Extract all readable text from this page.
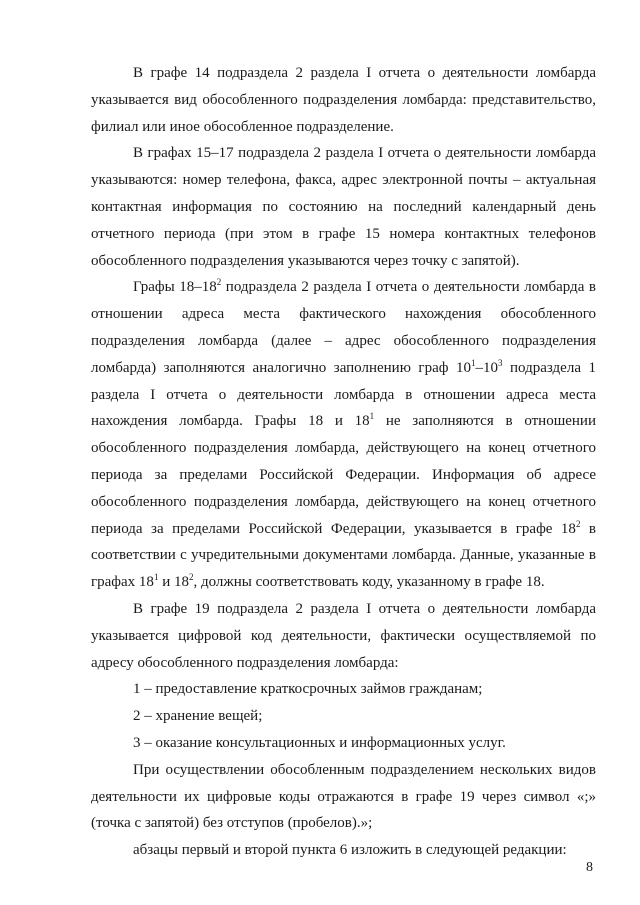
В графе 14 подраздела 2 раздела I отчета о деятельности ломбарда указывается вид обособленного подразделения ломбарда: представительство, филиал или иное обособленное подразделение.

В графах 15–17 подраздела 2 раздела I отчета о деятельности ломбарда указываются: номер телефона, факса, адрес электронной почты – актуальная контактная информация по состоянию на последний календарный день отчетного периода (при этом в графе 15 номера контактных телефонов обособленного подразделения указываются через точку с запятой).

Графы $18-18^2$ подраздела 2 раздела I отчета о деятельности ломбарда в отношении адреса места фактического нахождения обособленного подразделения ломбарда (далее – адрес обособленного подразделения ломбарда) заполняются аналогично заполнению граф $10^1-10^3$ подраздела 1 раздела I отчета о деятельности ломбарда в отношении адреса места нахождения ломбарда. Графы 18 и $18^1$ не заполняются в отношении обособленного подразделения ломбарда, действующего на конец отчетного периода за пределами Российской Федерации. Информация об адресе обособленного подразделения ломбарда, действующего на конец отчетного периода за пределами Российской Федерации, указывается в графе $18^2$ в соответствии с учредительными документами ломбарда. Данные, указанные в графах $18^1$ и $18^2$, должны соответствовать коду, указанному в графе 18.

В графе 19 подраздела 2 раздела I отчета о деятельности ломбарда указывается цифровой код деятельности, фактически осуществляемой по адресу обособленного подразделения ломбарда:

1 – предоставление краткосрочных займов гражданам;

2 – хранение вещей;

3 – оказание консультационных и информационных услуг.

При осуществлении обособленным подразделением нескольких видов деятельности их цифровые коды отражаются в графе 19 через символ «;» (точка с запятой) без отступов (пробелов).»;

абзацы первый и второй пункта 6 изложить в следующей редакции:

8
